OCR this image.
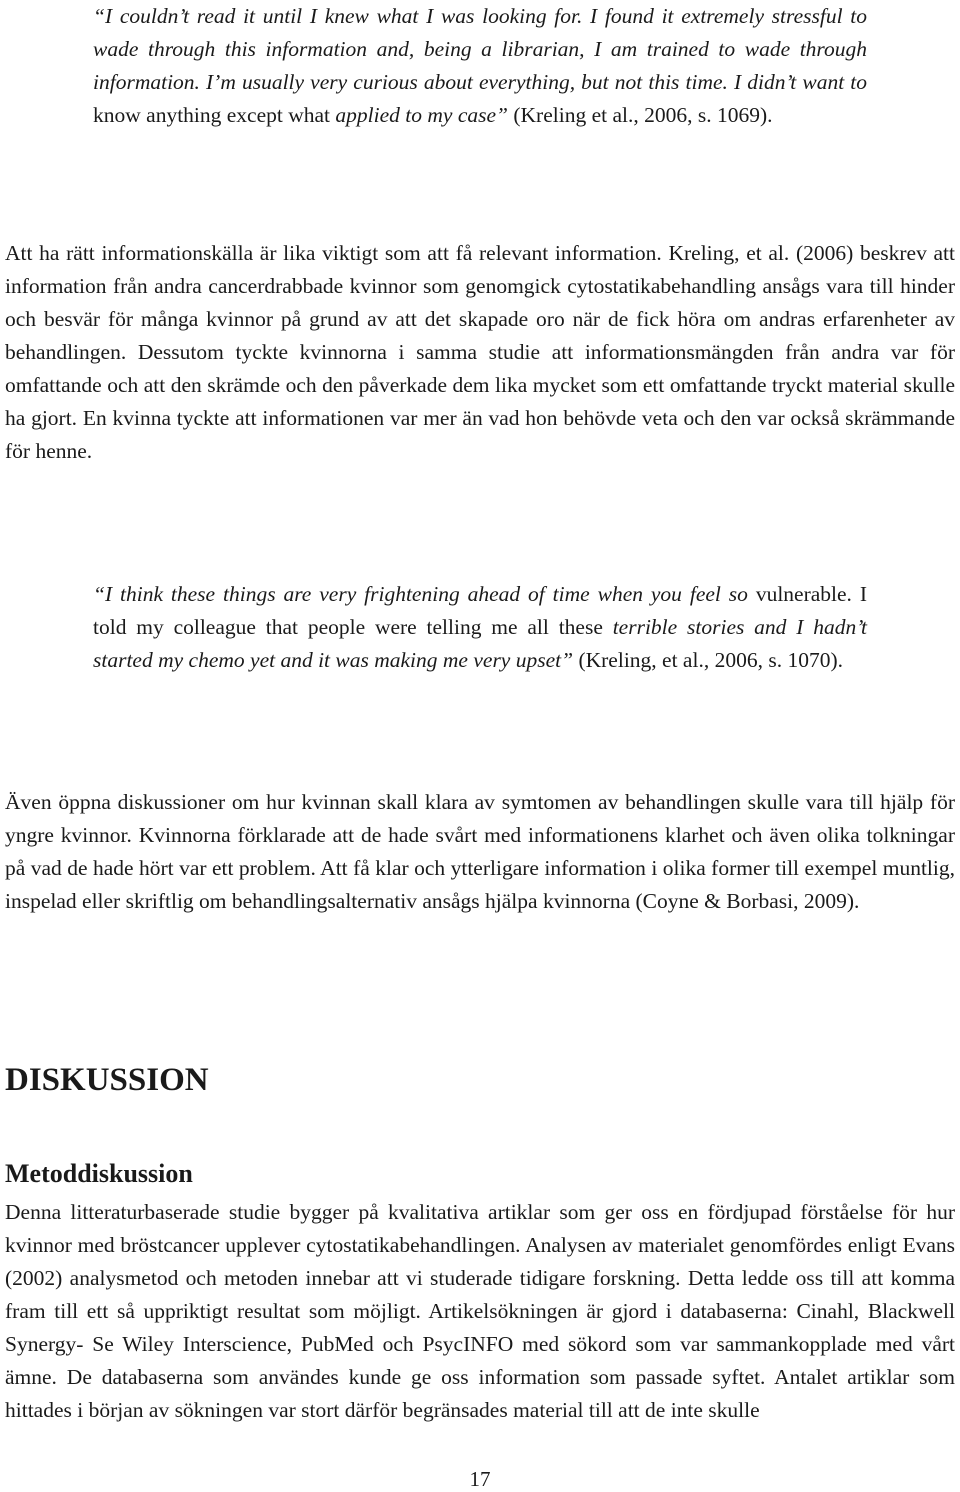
“I couldn’t read it until I knew what I was looking for. I found it extremely stressful to wade through this information and, being a librarian, I am trained to wade through information. I’m usually very curious about everything, but not this time. I didn’t want to know anything except what applied to my case” (Kreling et al., 2006, s. 1069).

Att ha rätt informationskälla är lika viktigt som att få relevant information. Kreling, et al. (2006) beskrev att information från andra cancerdrabbade kvinnor som genomgick cytostatikabehandling ansågs vara till hinder och besvär för många kvinnor på grund av att det skapade oro när de fick höra om andras erfarenheter av behandlingen. Dessutom tyckte kvinnorna i samma studie att informationsmängden från andra var för omfattande och att den skrämde och den påverkade dem lika mycket som ett omfattande tryckt material skulle ha gjort. En kvinna tyckte att informationen var mer än vad hon behövde veta och den var också skrämmande för henne.

“I think these things are very frightening ahead of time when you feel so vulnerable. I told my colleague that people were telling me all these terrible stories and I hadn’t started my chemo yet and it was making me very upset” (Kreling, et al., 2006, s. 1070).

Även öppna diskussioner om hur kvinnan skall klara av symtomen av behandlingen skulle vara till hjälp för yngre kvinnor. Kvinnorna förklarade att de hade svårt med informationens klarhet och även olika tolkningar på vad de hade hört var ett problem. Att få klar och ytterligare information i olika former till exempel muntlig, inspelad eller skriftlig om behandlingsalternativ ansågs hjälpa kvinnorna (Coyne & Borbasi, 2009).

DISKUSSION
Metoddiskussion

Denna litteraturbaserade studie bygger på kvalitativa artiklar som ger oss en fördjupad förståelse för hur kvinnor med bröstcancer upplever cytostatikabehandlingen. Analysen av materialet genomfördes enligt Evans (2002) analysmetod och metoden innebar att vi studerade tidigare forskning. Detta ledde oss till att komma fram till ett så uppriktigt resultat som möjligt. Artikelsökningen är gjord i databaserna: Cinahl, Blackwell Synergy- Se Wiley Interscience, PubMed och PsycINFO med sökord som var sammankopplade med vårt ämne. De databaserna som användes kunde ge oss information som passade syftet. Antalet artiklar som hittades i början av sökningen var stort därför begränsades material till att de inte skulle

17
